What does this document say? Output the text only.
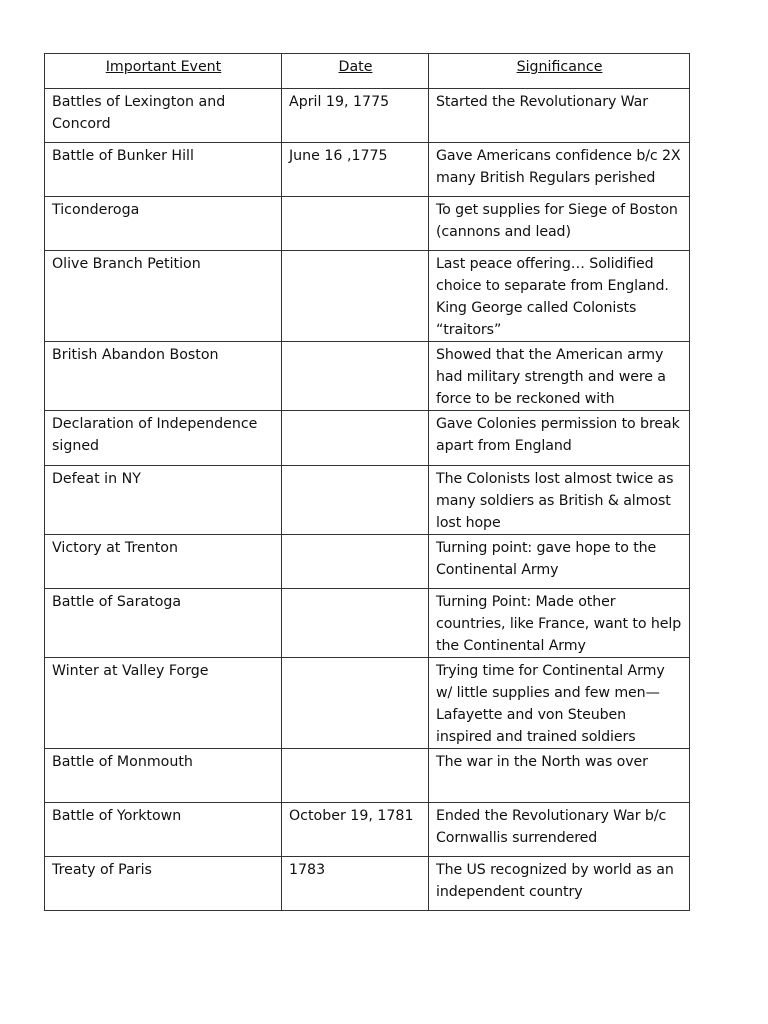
Important Event	Date	Significance
Battles of Lexington and Concord	April 19, 1775	Started the Revolutionary War
Battle of Bunker Hill	June 16 ,1775	Gave Americans confidence b/c 2X many British Regulars perished
Ticonderoga		To get supplies for Siege of Boston (cannons and lead)
Olive Branch Petition		Last peace offering… Solidified choice to separate from England. King George called Colonists “traitors”
British Abandon Boston		Showed that the American army had military strength and were a force to be reckoned with
Declaration of Independence signed		Gave Colonies permission to break apart from England
Defeat in NY		The Colonists lost almost twice as many soldiers as British & almost lost hope
Victory at Trenton		Turning point: gave hope to the Continental Army
Battle of Saratoga		Turning Point: Made other countries, like France, want to help the Continental Army
Winter at Valley Forge		Trying time for Continental Army w/ little supplies and few men—Lafayette and von Steuben inspired and trained soldiers
Battle of Monmouth		The war in the North was over
Battle of Yorktown	October 19, 1781	Ended the Revolutionary War b/c Cornwallis surrendered
Treaty of Paris	1783	The US recognized by world as an independent country
